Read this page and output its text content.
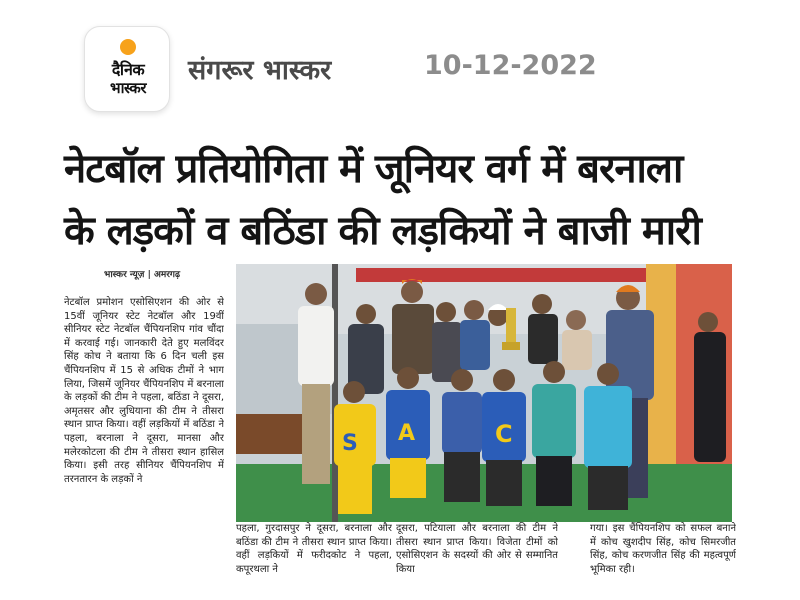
दैनिक
भास्कर
संगरूर भास्कर	10-12-2022
नेटबॉल प्रतियोगिता में जूनियर वर्ग में बरनाला
के लड़कों व बठिंडा की लड़कियों ने बाजी मारी
भास्कर न्यूज़ | अमरगढ़
S A	C

नेटबॉल प्रमोशन एसोसिएशन की ओर से 15वीं जूनियर स्टेट नेटबॉल और 19वीं सीनियर स्टेट नेटबॉल चैंपियनशिप गांव चौंदा में करवाई गई। जानकारी देते हुए मलविंदर सिंह कोच ने बताया कि 6 दिन चली इस चैंपियनशिप में 15 से अधिक टीमों ने भाग लिया, जिसमें जूनियर चैंपियनशिप में बरनाला के लड़कों की टीम ने पहला, बठिंडा ने दूसरा, अमृतसर और लुधियाना की टीम ने तीसरा स्थान प्राप्त किया। वहीं लड़कियों में बठिंडा ने पहला, बरनाला ने दूसरा, मानसा और मलेरकोटला की टीम ने तीसरा स्थान हासिल किया। इसी तरह सीनियर चैंपियनशिप में तरनतारन के लड़कों ने

पहला, गुरदासपुर ने दूसरा, बरनाला और बठिंडा की टीम ने तीसरा स्थान प्राप्त किया। वहीं लड़कियों में फरीदकोट ने पहला, कपूरथला ने

दूसरा, पटियाला और बरनाला की टीम ने तीसरा स्थान प्राप्त किया। विजेता टीमों को एसोसिएशन के सदस्यों की ओर से सम्मानित किया

गया। इस चैंपियनशिप को सफल बनाने में कोच खुशदीप सिंह, कोच सिमरजीत सिंह, कोच करणजीत सिंह की महत्वपूर्ण भूमिका रही।
